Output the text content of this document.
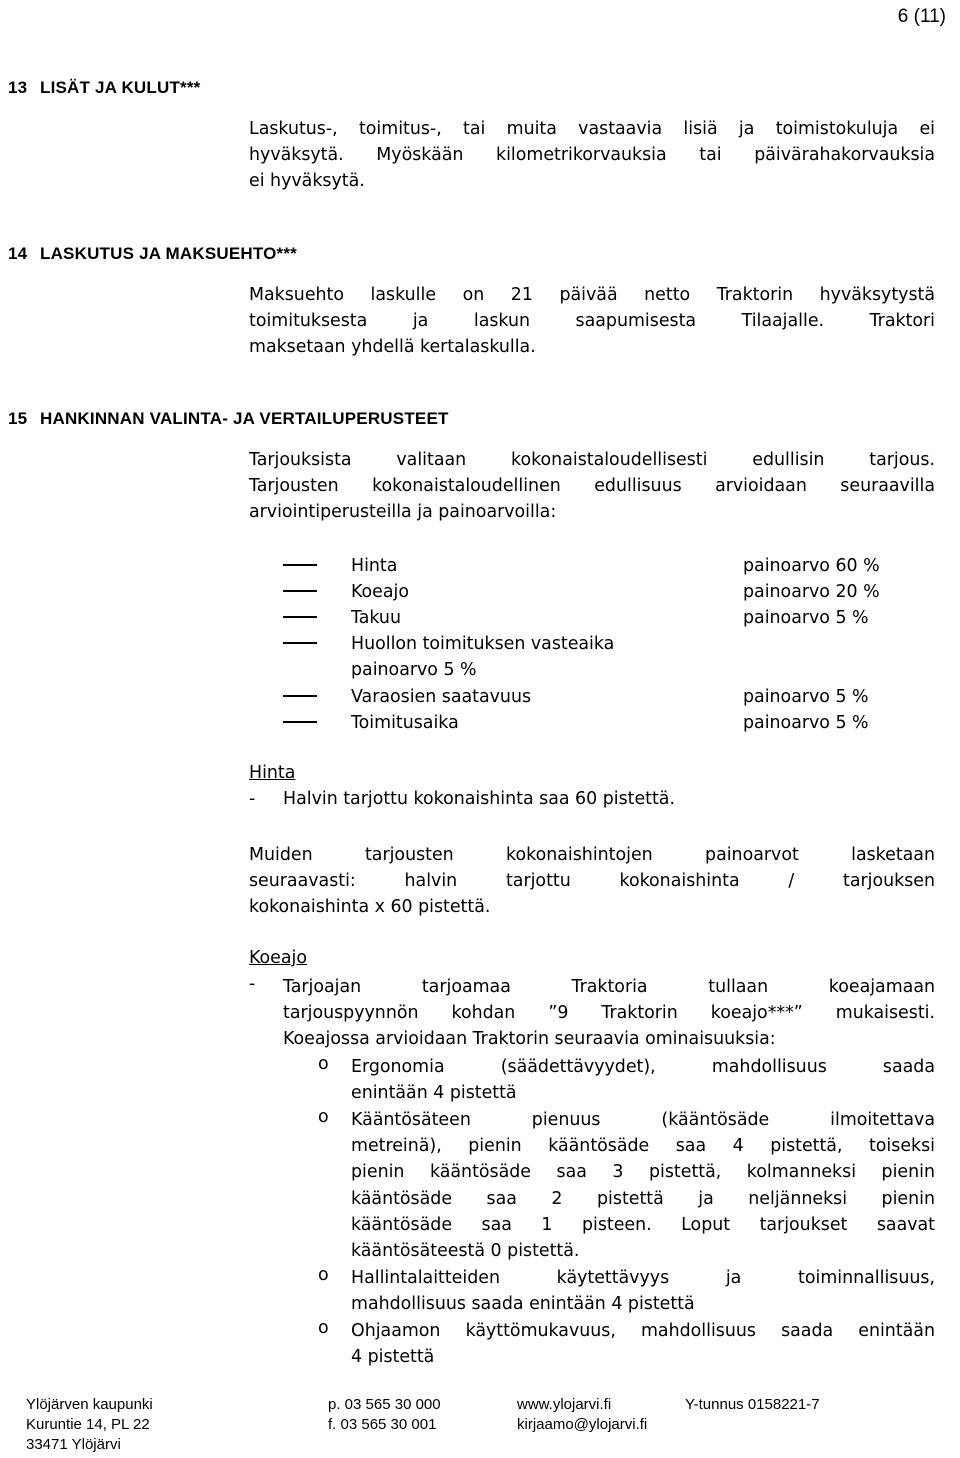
6 (11)
13 LISÄT JA KULUT***
Laskutus-, toimitus-, tai muita vastaavia lisiä ja toimistokuluja ei
hyväksytä. Myöskään kilometrikorvauksia tai päivärahakorvauksia
ei hyväksytä.
14 LASKUTUS JA MAKSUEHTO***
Maksuehto laskulle on 21 päivää netto Traktorin hyväksytystä
toimituksesta ja laskun saapumisesta Tilaajalle. Traktori
maksetaan yhdellä kertalaskulla.
15 HANKINNAN VALINTA- JA VERTAILUPERUSTEET
Tarjouksista valitaan kokonaistaloudellisesti edullisin tarjous.
Tarjousten kokonaistaloudellinen edullisuus arvioidaan seuraavilla
arviointiperusteilla ja painoarvoilla:
Hinta	painoarvo 60 %
Koeajo	painoarvo 20 %
Takuu	painoarvo 5 %
Huollon toimituksen vasteaika
painoarvo 5 %
Varaosien saatavuus	painoarvo 5 %
Toimitusaika	painoarvo 5 %
Hinta
- Halvin tarjottu kokonaishinta saa 60 pistettä.
Muiden tarjousten kokonaishintojen painoarvot lasketaan
seuraavasti: halvin tarjottu kokonaishinta / tarjouksen
kokonaishinta x 60 pistettä.
Koeajo
- Tarjoajan tarjoamaa Traktoria tullaan koeajamaan
tarjouspyynnön kohdan ”9 Traktorin koeajo***” mukaisesti.
Koeajossa arvioidaan Traktorin seuraavia ominaisuuksia:
o Ergonomia (säädettävyydet), mahdollisuus saada
enintään 4 pistettä
o Kääntösäteen pienuus (kääntösäde ilmoitettava
metreinä), pienin kääntösäde saa 4 pistettä, toiseksi
pienin kääntösäde saa 3 pistettä, kolmanneksi pienin
kääntösäde saa 2 pistettä ja neljänneksi pienin
kääntösäde saa 1 pisteen. Loput tarjoukset saavat
kääntösäteestä 0 pistettä.
o Hallintalaitteiden käytettävyys ja toiminnallisuus,
mahdollisuus saada enintään 4 pistettä
o Ohjaamon käyttömukavuus, mahdollisuus saada enintään
4 pistettä
Ylöjärven kaupunki
Kuruntie 14, PL 22
33471 Ylöjärvi
p. 03 565 30 000
f. 03 565 30 001
www.ylojarvi.fi
kirjaamo@ylojarvi.fi
Y-tunnus 0158221-7
